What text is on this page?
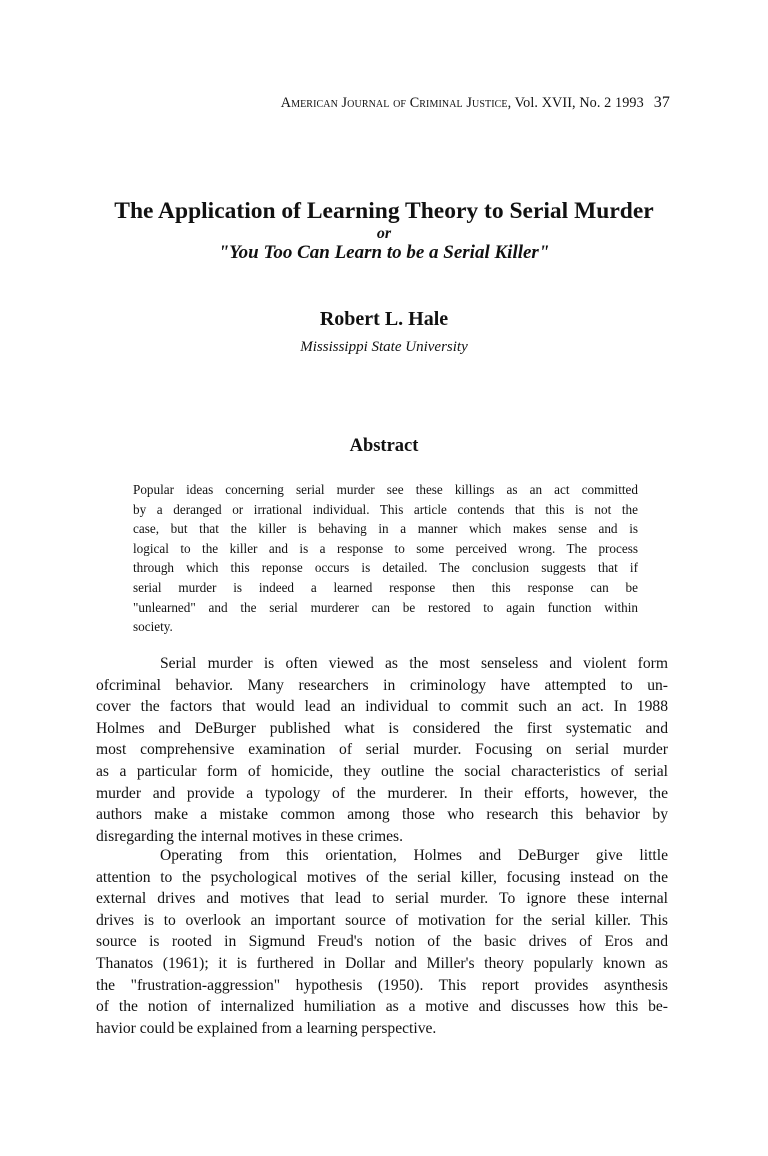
American Journal of Criminal Justice, Vol. XVII, No. 2 1993 37
The Application of Learning Theory to Serial Murder
or
"You Too Can Learn to be a Serial Killer"
Robert L. Hale
Mississippi State University
Abstract

Popular ideas concerning serial murder see these killings as an act committed
by a deranged or irrational individual. This article contends that this is not the
case, but that the killer is behaving in a manner which makes sense and is
logical to the killer and is a response to some perceived wrong. The process
through which this reponse occurs is detailed. The conclusion suggests that if
serial murder is indeed a learned response then this response can be
"unlearned" and the serial murderer can be restored to again function within
society.

Serial murder is often viewed as the most senseless and violent form
ofcriminal behavior. Many researchers in criminology have attempted to un-
cover the factors that would lead an individual to commit such an act. In 1988
Holmes and DeBurger published what is considered the first systematic and
most comprehensive examination of serial murder. Focusing on serial murder
as a particular form of homicide, they outline the social characteristics of serial
murder and provide a typology of the murderer. In their efforts, however, the
authors make a mistake common among those who research this behavior by
disregarding the internal motives in these crimes.

Operating from this orientation, Holmes and DeBurger give little
attention to the psychological motives of the serial killer, focusing instead on the
external drives and motives that lead to serial murder. To ignore these internal
drives is to overlook an important source of motivation for the serial killer. This
source is rooted in Sigmund Freud's notion of the basic drives of Eros and
Thanatos (1961); it is furthered in Dollar and Miller's theory popularly known as
the "frustration-aggression" hypothesis (1950). This report provides asynthesis
of the notion of internalized humiliation as a motive and discusses how this be-
havior could be explained from a learning perspective.
